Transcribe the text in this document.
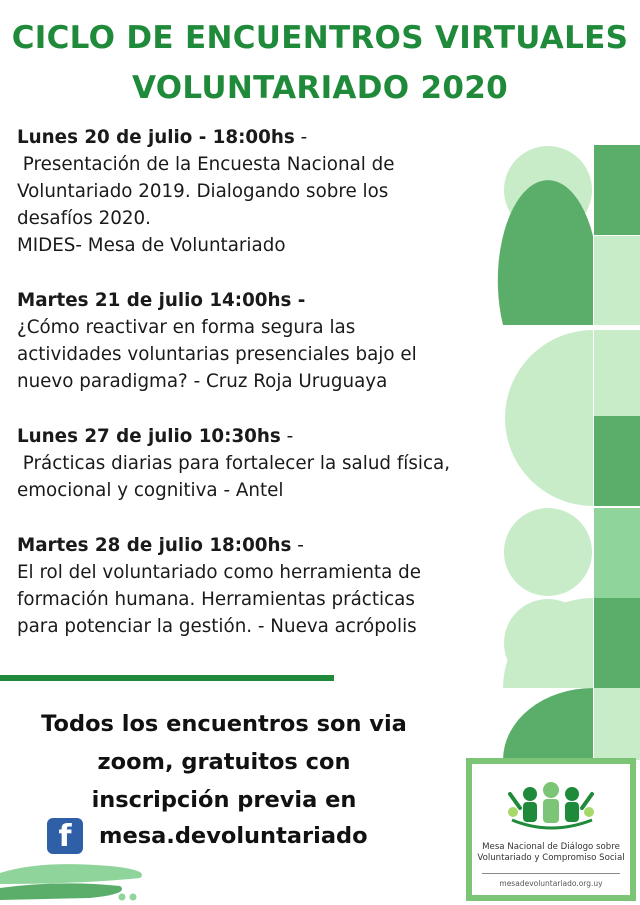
CICLO DE ENCUENTROS VIRTUALES
VOLUNTARIADO 2020

Lunes 20 de julio - 18:00hs -

Presentación de la Encuesta Nacional de

Voluntariado 2019. Dialogando sobre los

desafíos 2020.

MIDES- Mesa de Voluntariado

Martes 21 de julio 14:00hs -

¿Cómo reactivar en forma segura las

actividades voluntarias presenciales bajo el

nuevo paradigma? - Cruz Roja Uruguaya

Lunes 27 de julio 10:30hs -

Prácticas diarias para fortalecer la salud física,

emocional y cognitiva - Antel

Martes 28 de julio 18:00hs -

El rol del voluntariado como herramienta de

formación humana. Herramientas prácticas

para potenciar la gestión. - Nueva acrópolis

Todos los encuentros son via
zoom, gratuitos con
inscripción previa en
f mesa.devoluntariado	Mesa Nacional de Diálogo sobre
Voluntariado y Compromiso Social
mesadevoluntariado.org.uy
